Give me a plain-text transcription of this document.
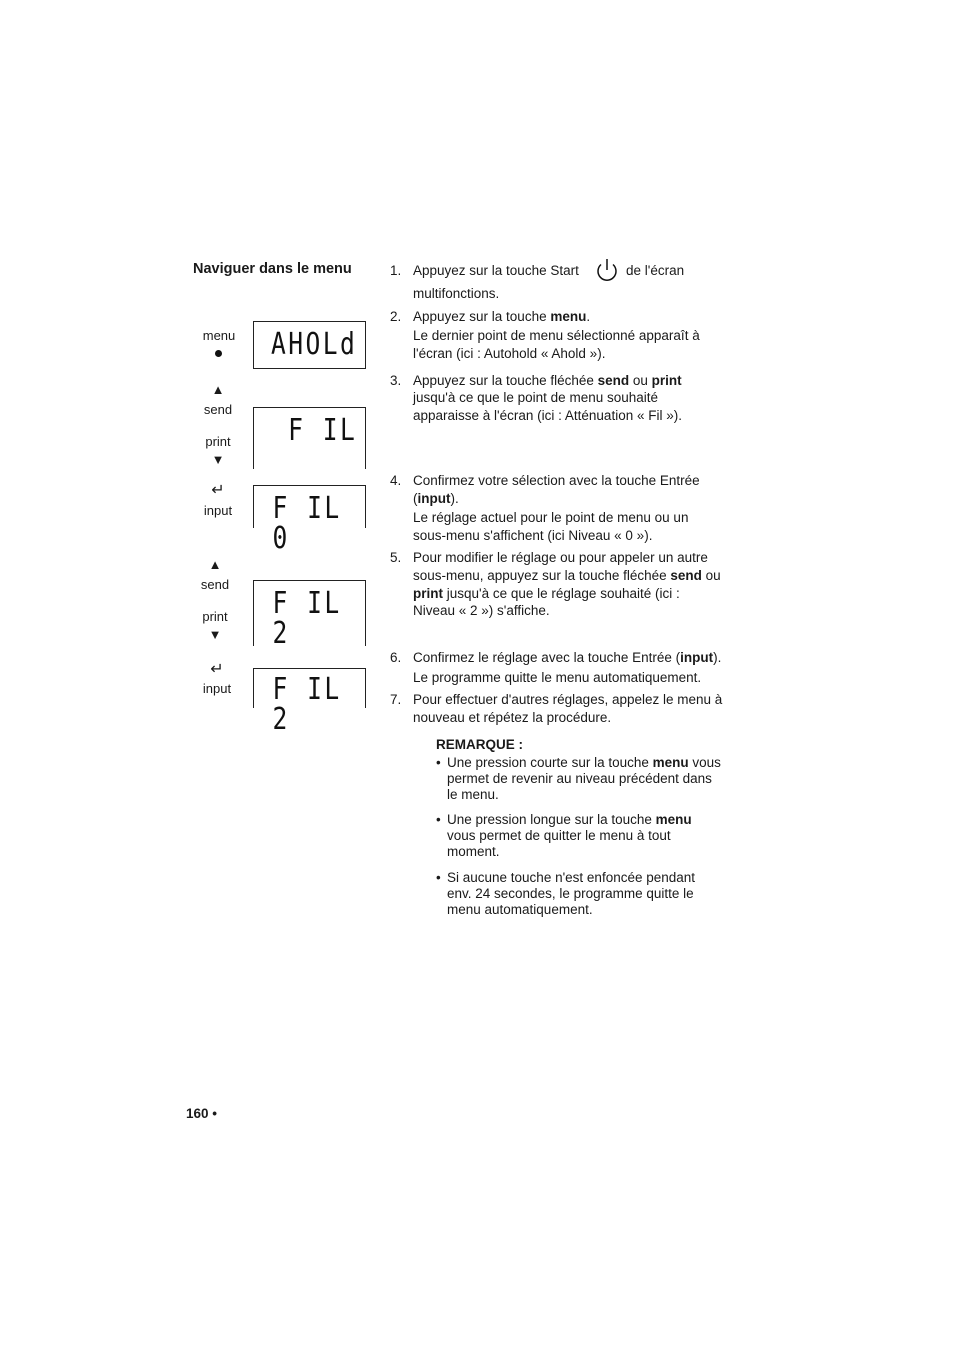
Naviguer dans le menu
menu AHOLd
▲
send
print
▼
F IL
↵
input	F IL 0
▲
send
print
▼
F IL 2
↵
input	F IL 2
1. Appuyez sur la touche Start	de l'écran
multifonctions.
2. Appuyez sur la touche menu.
Le dernier point de menu sélectionné apparaît à
l'écran (ici : Autohold « Ahold »).
3. Appuyez sur la touche fléchée send ou print
jusqu'à ce que le point de menu souhaité
apparaisse à l'écran (ici : Atténuation « Fil »).
4. Confirmez votre sélection avec la touche Entrée
(input).
Le réglage actuel pour le point de menu ou un
sous-menu s'affichent (ici Niveau « 0 »).
5. Pour modifier le réglage ou pour appeler un autre
sous-menu, appuyez sur la touche fléchée send ou
print jusqu'à ce que le réglage souhaité (ici :
Niveau « 2 ») s'affiche.
6. Confirmez le réglage avec la touche Entrée (input).
Le programme quitte le menu automatiquement.
7. Pour effectuer d'autres réglages, appelez le menu à
nouveau et répétez la procédure.
REMARQUE :
• Une pression courte sur la touche menu vous
permet de revenir au niveau précédent dans
le menu.
• Une pression longue sur la touche menu
vous permet de quitter le menu à tout
moment.
• Si aucune touche n'est enfoncée pendant
env. 24 secondes, le programme quitte le
menu automatiquement.
160 •
